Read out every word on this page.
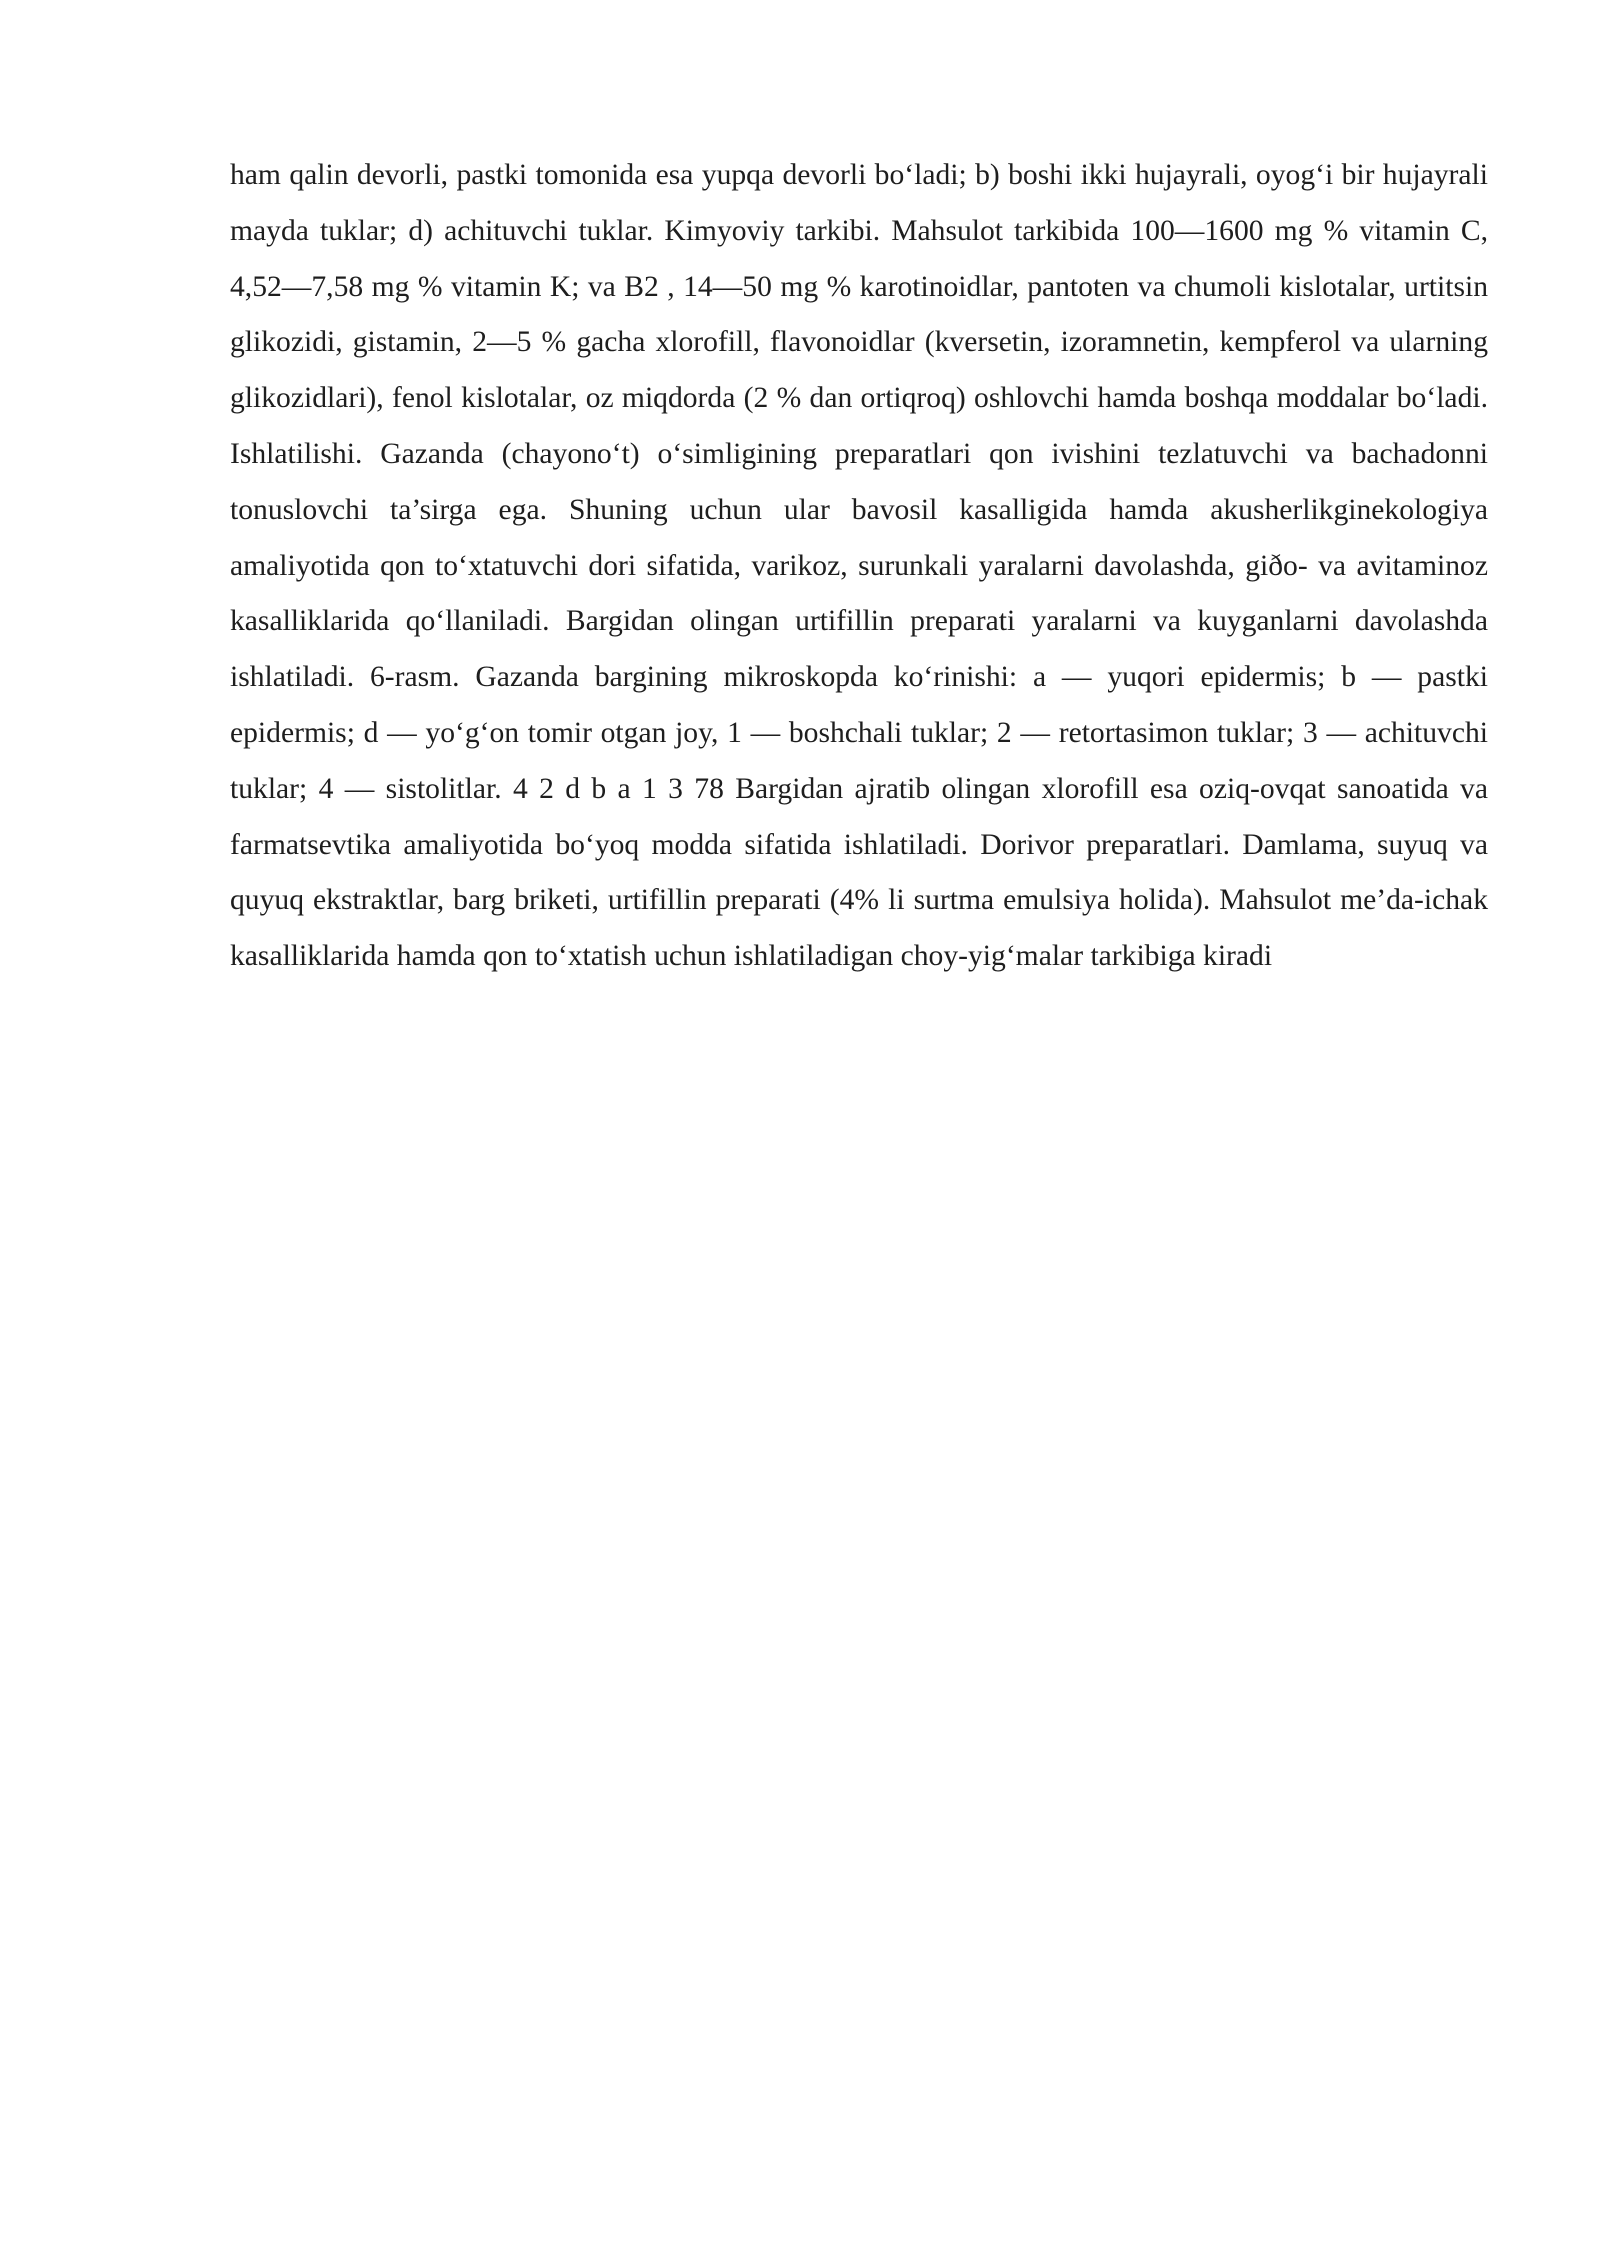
ham qalin devorli, pastki tomonida esa yupqa devorli bo‘ladi; b) boshi ikki hujayrali, oyog‘i bir hujayrali mayda tuklar; d) achituvchi tuklar. Kimyoviy tarkibi. Mahsulot tarkibida 100—1600 mg % vitamin C, 4,52—7,58 mg % vitamin K; va B2 , 14—50 mg % karotinoidlar, pantoten va chumoli kislotalar, urtitsin glikozidi, gistamin, 2—5 % gacha xlorofill, flavonoidlar (kversetin, izoramnetin, kempferol va ularning glikozidlari), fenol kislotalar, oz miqdorda (2 % dan ortiqroq) oshlovchi hamda boshqa moddalar bo‘ladi. Ishlatilishi. Gazanda (chayono‘t) o‘simligining preparatlari qon ivishini tezlatuvchi va bachadonni tonuslovchi ta’sirga ega. Shuning uchun ular bavosil kasalligida hamda akusherlikginekologiya amaliyotida qon to‘xtatuvchi dori sifatida, varikoz, surunkali yaralarni davolashda, giðo- va avitaminoz kasalliklarida qo‘llaniladi. Bargidan olingan urtifillin preparati yaralarni va kuyganlarni davolashda ishlatiladi. 6-rasm. Gazanda bargining mikroskopda ko‘rinishi: a — yuqori epidermis; b — pastki epidermis; d — yo‘g‘on tomir otgan joy, 1 — boshchali tuklar; 2 — retortasimon tuklar; 3 — achituvchi tuklar; 4 — sistolitlar. 4 2 d b a 1 3 78 Bargidan ajratib olingan xlorofill esa oziq-ovqat sanoatida va farmatsevtika amaliyotida bo‘yoq modda sifatida ishlatiladi. Dorivor preparatlari. Damlama, suyuq va quyuq ekstraktlar, barg briketi, urtifillin preparati (4% li surtma emulsiya holida). Mahsulot me’da-ichak kasalliklarida hamda qon to‘xtatish uchun ishlatiladigan choy-yig‘malar tarkibiga kiradi
